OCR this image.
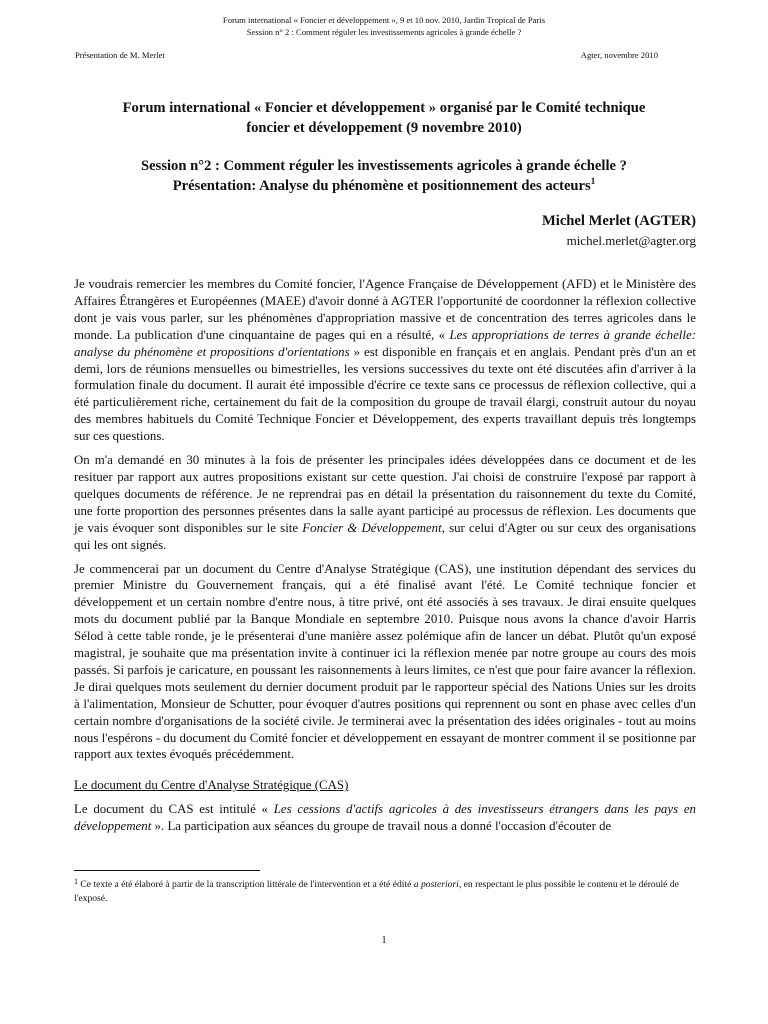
Forum international « Foncier et développement », 9 et 10 nov. 2010, Jardin Tropical de Paris
Session n° 2 : Comment réguler les investissements agricoles à grande échelle ?
Présentation de M. Merlet	Agter, novembre 2010
Forum international « Foncier et développement » organisé par le Comité technique
foncier et développement (9 novembre 2010)
Session n°2 : Comment réguler les investissements agricoles à grande échelle ?
Présentation: Analyse du phénomène et positionnement des acteurs$^1$
Michel Merlet (AGTER)
michel.merlet@agter.org

Je voudrais remercier les membres du Comité foncier, l'Agence Française de Développement (AFD) et le Ministère des Affaires Étrangères et Européennes (MAEE) d'avoir donné à AGTER l'opportunité de coordonner la réflexion collective dont je vais vous parler, sur les phénomènes d'appropriation massive et de concentration des terres agricoles dans le monde. La publication d'une cinquantaine de pages qui en a résulté, « Les appropriations de terres à grande échelle: analyse du phénomène et propositions d'orientations » est disponible en français et en anglais. Pendant près d'un an et demi, lors de réunions mensuelles ou bimestrielles, les versions successives du texte ont été discutées afin d'arriver à la formulation finale du document. Il aurait été impossible d'écrire ce texte sans ce processus de réflexion collective, qui a été particulièrement riche, certainement du fait de la composition du groupe de travail élargi, construit autour du noyau des membres habituels du Comité Technique Foncier et Développement, des experts travaillant depuis très longtemps sur ces questions.

On m'a demandé en 30 minutes à la fois de présenter les principales idées développées dans ce document et de les resituer par rapport aux autres propositions existant sur cette question. J'ai choisi de construire l'exposé par rapport à quelques documents de référence. Je ne reprendrai pas en détail la présentation du raisonnement du texte du Comité, une forte proportion des personnes présentes dans la salle ayant participé au processus de réflexion. Les documents que je vais évoquer sont disponibles sur le site Foncier & Développement, sur celui d'Agter ou sur ceux des organisations qui les ont signés.

Je commencerai par un document du Centre d'Analyse Stratégique (CAS), une institution dépendant des services du premier Ministre du Gouvernement français, qui a été finalisé avant l'été. Le Comité technique foncier et développement et un certain nombre d'entre nous, à titre privé, ont été associés à ses travaux. Je dirai ensuite quelques mots du document publié par la Banque Mondiale en septembre 2010. Puisque nous avons la chance d'avoir Harris Sélod à cette table ronde, je le présenterai d'une manière assez polémique afin de lancer un débat. Plutôt qu'un exposé magistral, je souhaite que ma présentation invite à continuer ici la réflexion menée par notre groupe au cours des mois passés. Si parfois je caricature, en poussant les raisonnements à leurs limites, ce n'est que pour faire avancer la réflexion. Je dirai quelques mots seulement du dernier document produit par le rapporteur spécial des Nations Unies sur les droits à l'alimentation, Monsieur de Schutter, pour évoquer d'autres positions qui reprennent ou sont en phase avec celles d'un certain nombre d'organisations de la société civile. Je terminerai avec la présentation des idées originales - tout au moins nous l'espérons - du document du Comité foncier et développement en essayant de montrer comment il se positionne par rapport aux textes évoqués précédemment.

Le document du Centre d'Analyse Stratégique (CAS)

Le document du CAS est intitulé « Les cessions d'actifs agricoles à des investisseurs étrangers dans les pays en développement ». La participation aux séances du groupe de travail nous a donné l'occasion d'écouter de

$^1$ Ce texte a été élaboré à partir de la transcription littérale de l'intervention et a été édité a posteriori, en respectant le plus possible le contenu et le déroulé de l'exposé.
1
